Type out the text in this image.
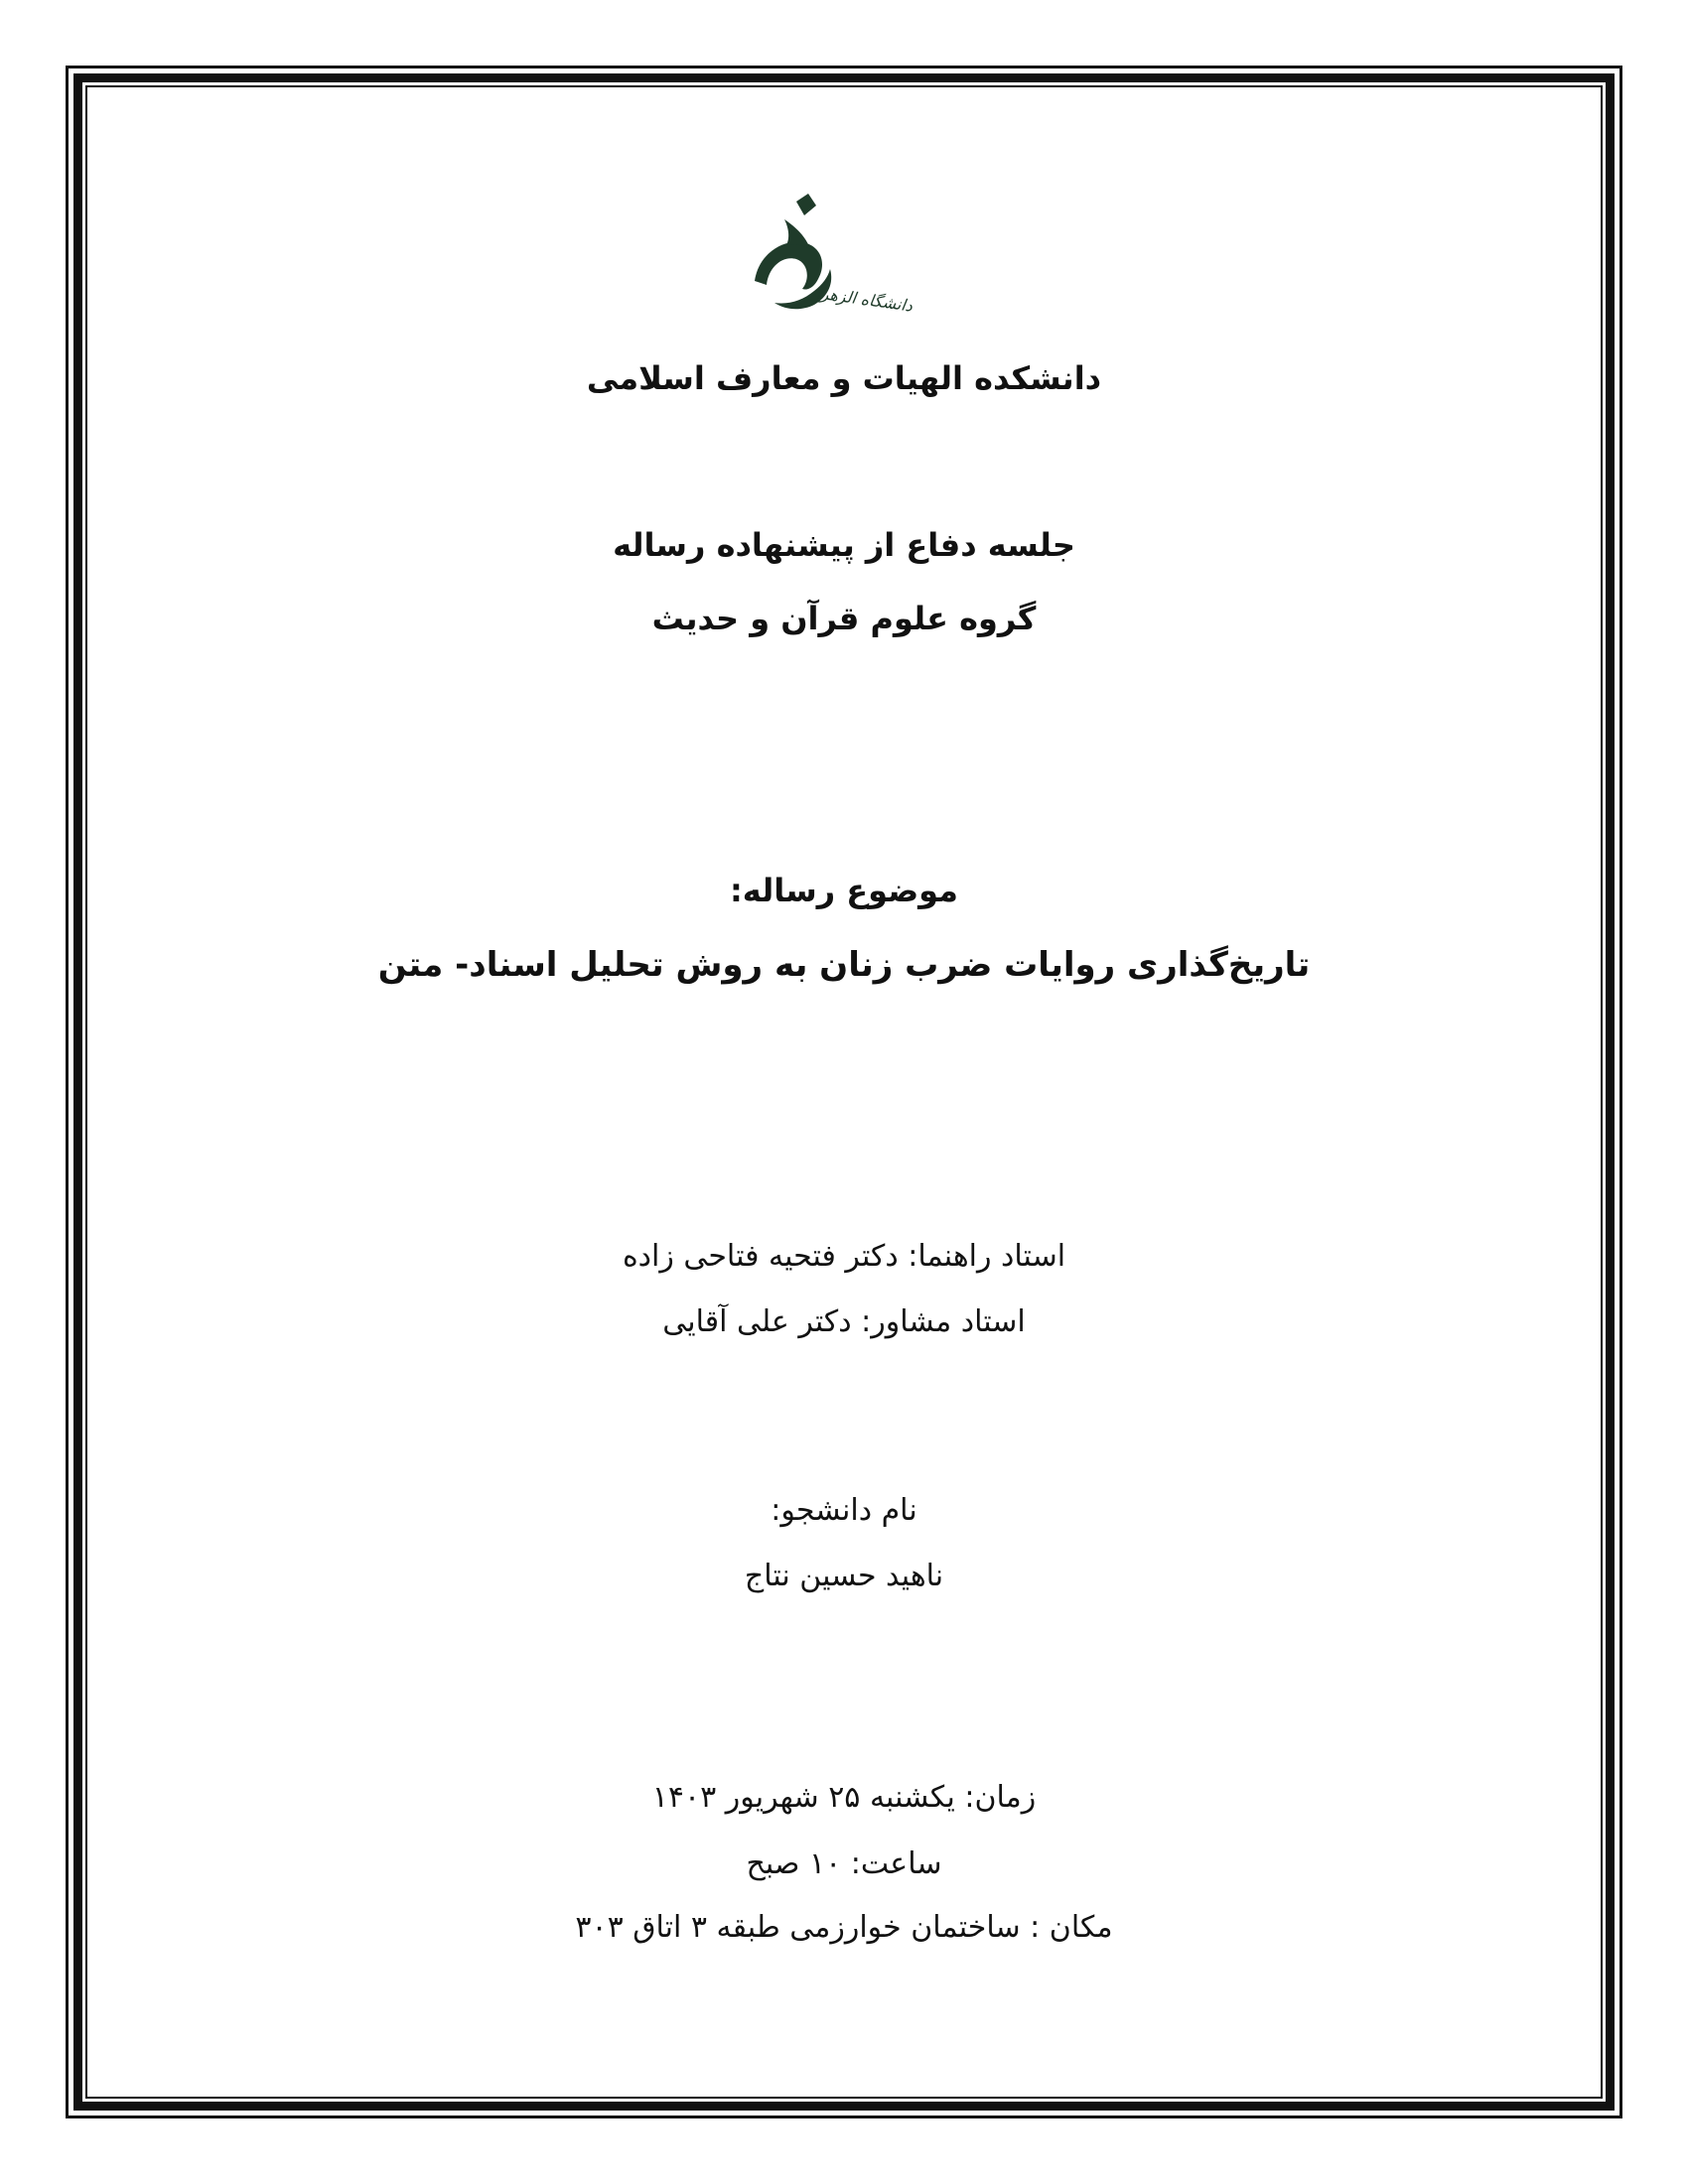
دانشگاه الزهرا
دانشکده الهیات و معارف اسلامی
جلسه دفاع از پیشنهاده رساله
گروه علوم قرآن و حدیث
موضوع رساله:
تاریخ‌گذاری روایات ضرب زنان به روش تحلیل اسناد- متن
استاد راهنما: دکتر فتحیه فتاحی زاده
استاد مشاور: دکتر علی آقایی
نام دانشجو:
ناهید حسین نتاج
زمان: یکشنبه ۲۵ شهریور ۱۴۰۳
ساعت: ۱۰ صبح
مکان : ساختمان خوارزمی طبقه ۳ اتاق ۳۰۳
